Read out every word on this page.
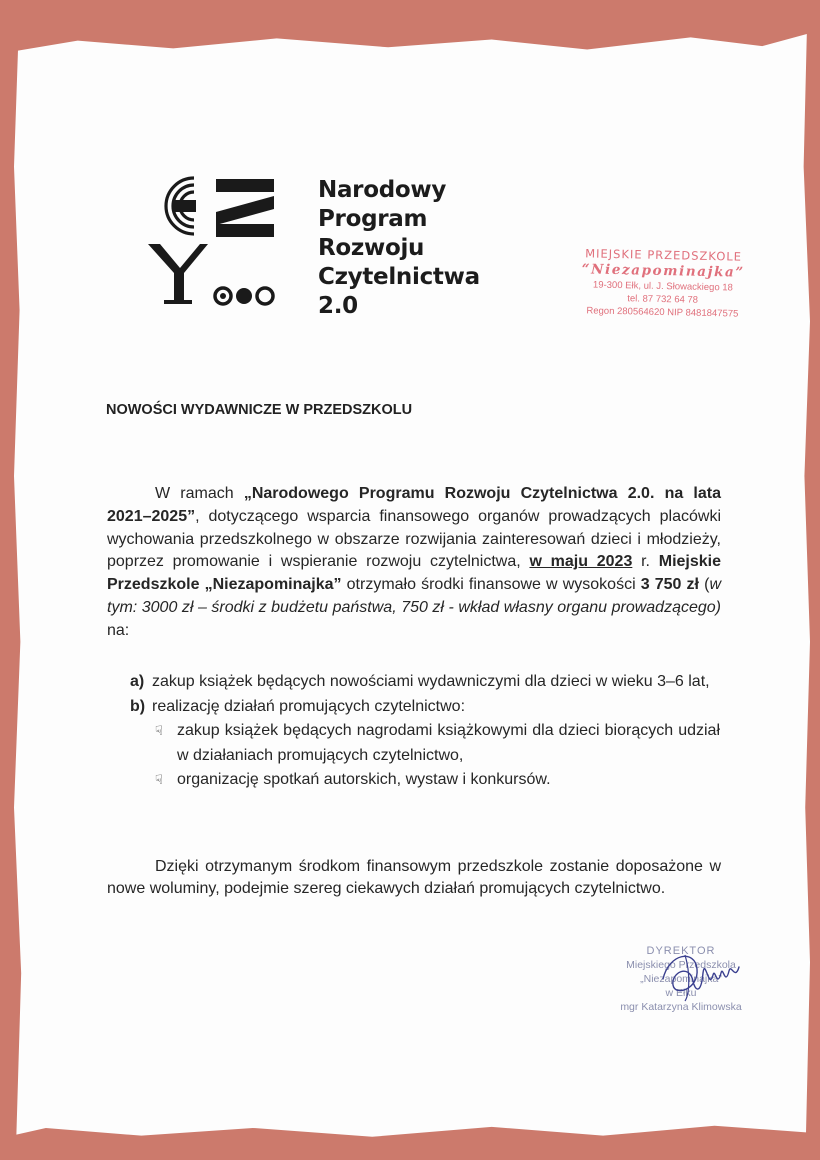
Narodowy
Program
Rozwoju
Czytelnictwa
2.0
MIEJSKIE PRZEDSZKOLE
“Niezapominajka”
19-300 Ełk, ul. J. Słowackiego 18
tel. 87 732 64 78
Regon 280564620 NIP 8481847575
NOWOŚCI WYDAWNICZE W PRZEDSZKOLU

W ramach „Narodowego Programu Rozwoju Czytelnictwa 2.0. na lata 2021–2025”, dotyczącego wsparcia finansowego organów prowadzących placówki wychowania przedszkolnego w obszarze rozwijania zainteresowań dzieci i młodzieży, poprzez promowanie i wspieranie rozwoju czytelnictwa, w maju 2023 r. Miejskie Przedszkole „Niezapominajka” otrzymało środki finansowe w wysokości 3 750 zł (w tym: 3000 zł – środki z budżetu państwa, 750 zł - wkład własny organu prowadzącego) na:

a) zakup książek będących nowościami wydawniczymi dla dzieci w wieku 3–6 lat,
b) realizację działań promujących czytelnictwo:
☟ zakup książek będących nagrodami książkowymi dla dzieci biorących udział w działaniach promujących czytelnictwo,
☟ organizację spotkań autorskich, wystaw i konkursów.

Dzięki otrzymanym środkom finansowym przedszkole zostanie doposażone w nowe woluminy, podejmie szereg ciekawych działań promujących czytelnictwo.

DYREKTOR
Miejskiego Przedszkola
„Niezapominajka”
w Ełku
mgr Katarzyna Klimowska
